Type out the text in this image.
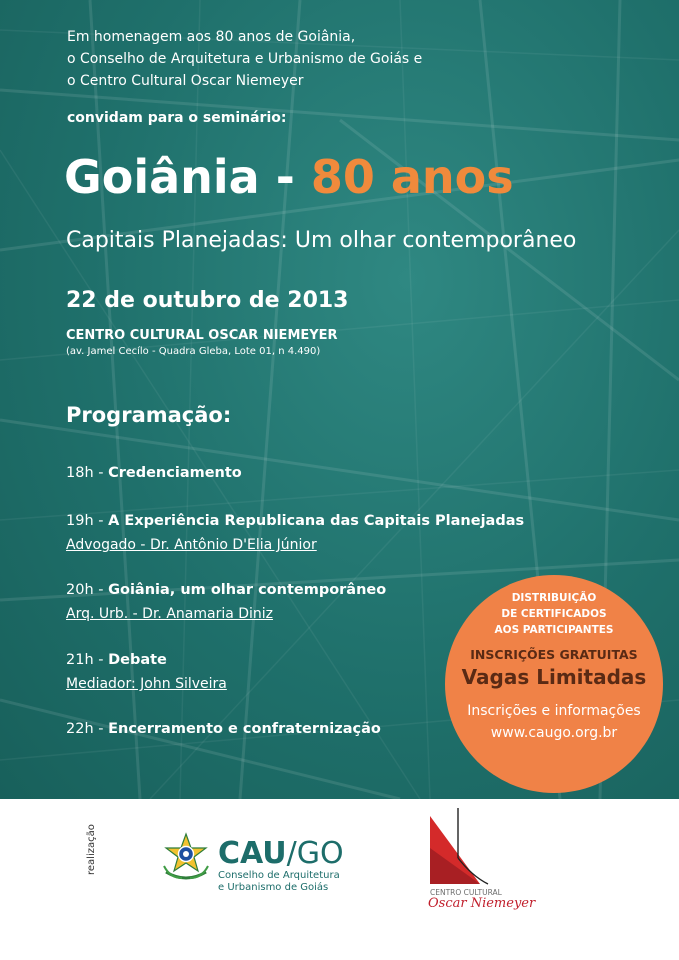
Em homenagem aos 80 anos de Goiânia,
o Conselho de Arquitetura e Urbanismo de Goiás e
o Centro Cultural Oscar Niemeyer
convidam para o seminário:
Goiânia - 80 anos
Capitais Planejadas: Um olhar contemporâneo
22 de outubro de 2013
CENTRO CULTURAL OSCAR NIEMEYER
(av. Jamel Cecílo - Quadra Gleba, Lote 01, n 4.490)
Programação:
18h - Credenciamento
19h - A Experiência Republicana das Capitais Planejadas
Advogado - Dr. Antônio D'Elia Júnior
20h - Goiânia, um olhar contemporâneo
Arq. Urb. - Dr. Anamaria Diniz
21h - Debate
Mediador: John Silveira
22h - Encerramento e confraternização
DISTRIBUIÇÃO
DE CERTIFICADOS
AOS PARTICIPANTES
INSCRIÇÕES GRATUITAS
Vagas Limitadas
Inscrições e informações
www.caugo.org.br
realização	CAU/GO
Conselho de Arquitetura
e Urbanismo de Goiás	CENTRO CULTURAL
Oscar Niemeyer
